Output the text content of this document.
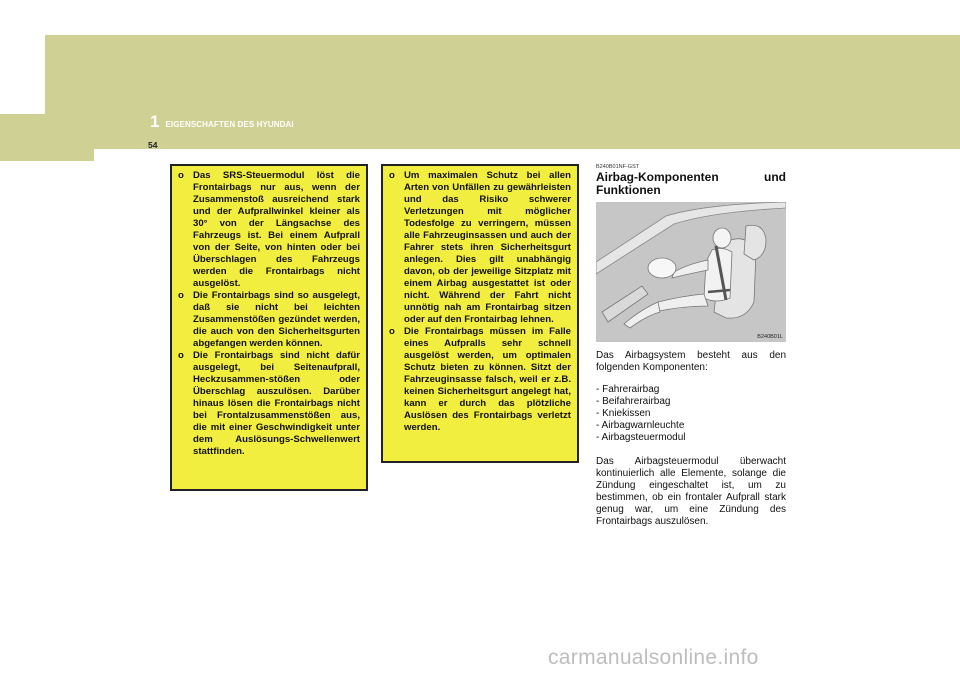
1 EIGENSCHAFTEN DES HYUNDAI
54
o Das SRS-Steuermodul löst die Frontairbags nur aus, wenn der Zusammenstoß ausreichend stark und der Aufprallwinkel kleiner als 30° von der Längsachse des Fahrzeugs ist. Bei einem Aufprall von der Seite, von hinten oder bei Überschlagen des Fahrzeugs werden die Frontairbags nicht ausgelöst.
o Die Frontairbags sind so ausgelegt, daß sie nicht bei leichten Zusammenstößen gezündet werden, die auch von den Sicherheitsgurten abgefangen werden können.
o Die Frontairbags sind nicht dafür ausgelegt, bei Seitenaufprall, Heckzusammen-stößen oder Überschlag auszulösen. Darüber hinaus lösen die Frontairbags nicht bei Frontalzusammenstößen aus, die mit einer Geschwindigkeit unter dem Auslösungs-Schwellenwert stattfinden.
o Um maximalen Schutz bei allen Arten von Unfällen zu gewährleisten und das Risiko schwerer Verletzungen mit möglicher Todesfolge zu verringern, müssen alle Fahrzeuginsassen und auch der Fahrer stets ihren Sicherheitsgurt anlegen. Dies gilt unabhängig davon, ob der jeweilige Sitzplatz mit einem Airbag ausgestattet ist oder nicht. Während der Fahrt nicht unnötig nah am Frontairbag sitzen oder auf den Frontairbag lehnen.
o Die Frontairbags müssen im Falle eines Aufpralls sehr schnell ausgelöst werden, um optimalen Schutz bieten zu können. Sitzt der Fahrzeuginsasse falsch, weil er z.B. keinen Sicherheitsgurt angelegt hat, kann er durch das plötzliche Auslösen des Frontairbags verletzt werden.
B240B01NF-GST
Airbag-Komponenten und
Funktionen
B240B01L

Das Airbagsystem besteht aus den folgenden Komponenten:

- Fahrerairbag
- Beifahrerairbag
- Kniekissen
- Airbagwarnleuchte
- Airbagsteuermodul

Das Airbagsteuermodul überwacht kontinuierlich alle Elemente, solange die Zündung eingeschaltet ist, um zu bestimmen, ob ein frontaler Aufprall stark genug war, um eine Zündung des Frontairbags auszulösen.

carmanualsonline.info
